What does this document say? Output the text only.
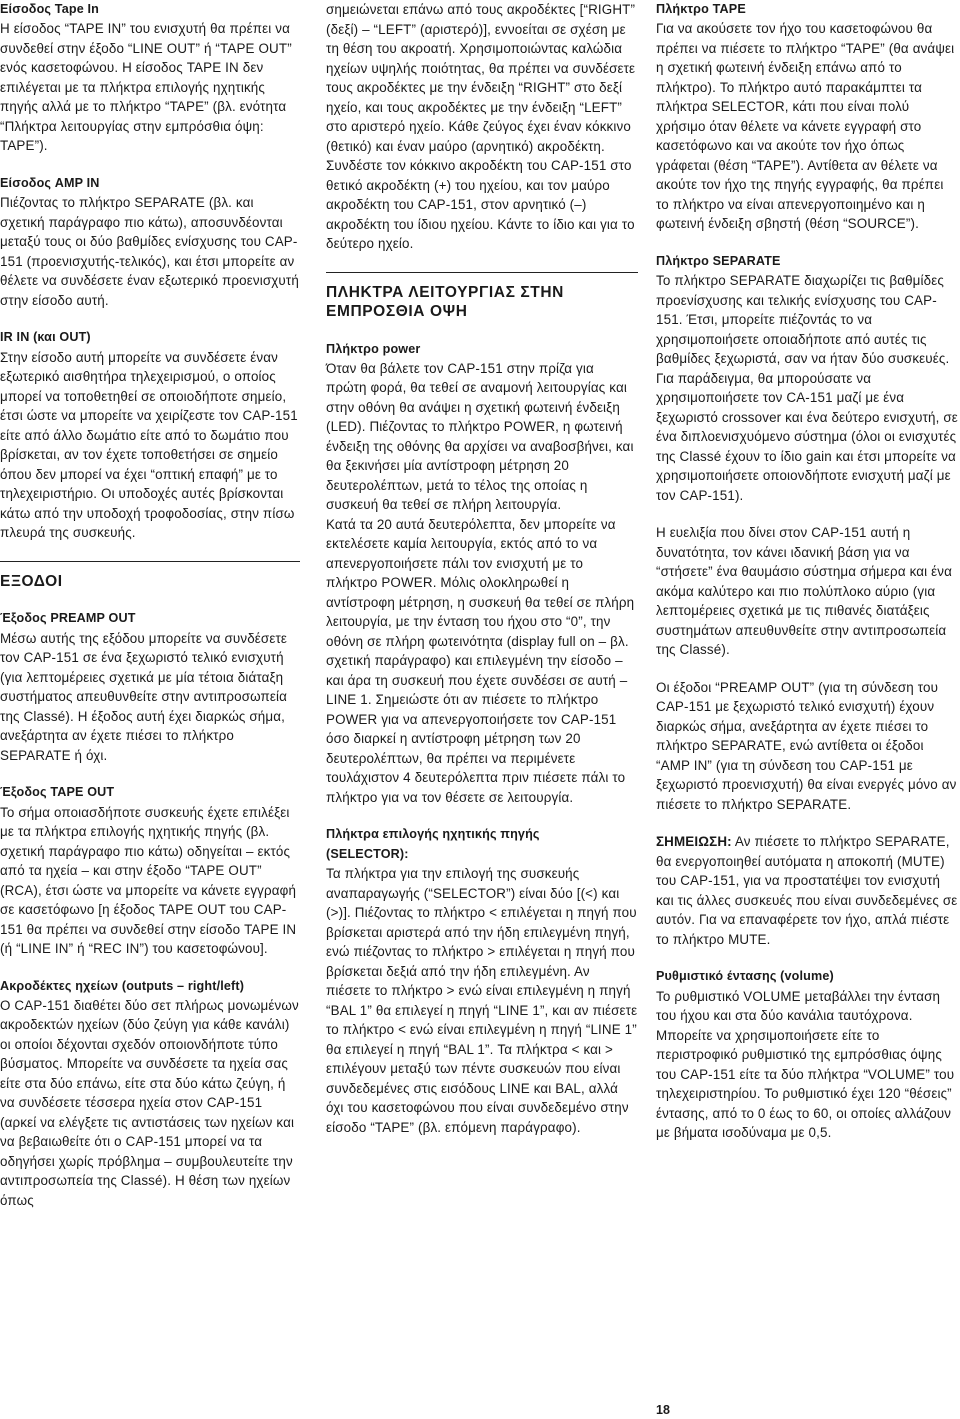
Είσοδος Tape In

Η είσοδος “TAPE IN” του ενισχυτή θα πρέπει να συνδεθεί στην έξοδο “LINE OUT” ή “TAPE OUT” ενός κασετοφώνου. Η είσοδος TAPE IN δεν επιλέγεται με τα πλήκτρα επιλογής ηχητικής πηγής αλλά με το πλήκτρο “TAPE” (βλ. ενότητα “Πλήκτρα λειτουργίας στην εμπρόσθια όψη: TAPE”).

Είσοδος AMP IN

Πιέζοντας το πλήκτρο SEPARATE (βλ. και σχετική παράγραφο πιο κάτω), αποσυνδέονται μεταξύ τους οι δύο βαθμίδες ενίσχυσης του CAP-151 (προενισχυτής-τελικός), και έτσι μπορείτε αν θέλετε να συνδέσετε έναν εξωτερικό προενισχυτή στην είσοδο αυτή.

IR IN (και OUT)

Στην είσοδο αυτή μπορείτε να συνδέσετε έναν εξωτερικό αισθητήρα τηλεχειρισμού, ο οποίος μπορεί να τοποθετηθεί σε οποιοδήποτε σημείο, έτσι ώστε να μπορείτε να χειρίζεστε τον CAP-151 είτε από άλλο δωμάτιο είτε από το δωμάτιο που βρίσκεται, αν τον έχετε τοποθετήσει σε σημείο όπου δεν μπορεί να έχει “οπτική επαφή” με το τηλεχειριστήριο. Οι υποδοχές αυτές βρίσκονται κάτω από την υποδοχή τροφοδοσίας, στην πίσω πλευρά της συσκευής.

ΕΞΟΔΟΙ
Έξοδος PREAMP OUT

Μέσω αυτής της εξόδου μπορείτε να συνδέσετε τον CAP-151 σε ένα ξεχωριστό τελικό ενισχυτή (για λεπτομέρειες σχετικά με μία τέτοια διάταξη συστήματος απευθυνθείτε στην αντιπροσωπεία της Classé). Η έξοδος αυτή έχει διαρκώς σήμα, ανεξάρτητα αν έχετε πιέσει το πλήκτρο SEPARATE ή όχι.

Έξοδος TAPE OUT

Το σήμα οποιασδήποτε συσκευής έχετε επιλέξει με τα πλήκτρα επιλογής ηχητικής πηγής (βλ. σχετική παράγραφο πιο κάτω) οδηγείται – εκτός από τα ηχεία – και στην έξοδο “TAPE OUT” (RCA), έτσι ώστε να μπορείτε να κάνετε εγγραφή σε κασετόφωνο [η έξοδος TAPE OUT του CAP-151 θα πρέπει να συνδεθεί στην είσοδο TAPE IN (ή “LINE IN” ή “REC IN”) του κασετοφώνου].

Ακροδέκτες ηχείων (outputs – right/left)

Ο CAP-151 διαθέτει δύο σετ πλήρως μονωμένων ακροδεκτών ηχείων (δύο ζεύγη για κάθε κανάλι) οι οποίοι δέχονται σχεδόν οποιονδήποτε τύπο βύσματος. Μπορείτε να συνδέσετε τα ηχεία σας είτε στα δύο επάνω, είτε στα δύο κάτω ζεύγη, ή να συνδέσετε τέσσερα ηχεία στον CAP-151 (αρκεί να ελέγξετε τις αντιστάσεις των ηχείων και να βεβαιωθείτε ότι ο CAP-151 μπορεί να τα οδηγήσει χωρίς πρόβλημα – συμβουλευτείτε την αντιπροσωπεία της Classé). Η θέση των ηχείων όπως

σημειώνεται επάνω από τους ακροδέκτες [“RIGHT” (δεξί) – “LEFT” (αριστερό)], εννοείται σε σχέση με τη θέση του ακροατή. Χρησιμοποιώντας καλώδια ηχείων υψηλής ποιότητας, θα πρέπει να συνδέσετε τους ακροδέκτες με την ένδειξη “RIGHT” στο δεξί ηχείο, και τους ακροδέκτες με την ένδειξη “LEFT” στο αριστερό ηχείο. Κάθε ζεύγος έχει έναν κόκκινο (θετικό) και έναν μαύρο (αρνητικό) ακροδέκτη. Συνδέστε τον κόκκινο ακροδέκτη του CAP-151 στο θετικό ακροδέκτη (+) του ηχείου, και τον μαύρο ακροδέκτη του CAP-151, στον αρνητικό (–) ακροδέκτη του ίδιου ηχείου. Κάντε το ίδιο και για το δεύτερο ηχείο.

ΠΛΗΚΤΡΑ ΛΕΙΤΟΥΡΓΙΑΣ ΣΤΗΝ ΕΜΠΡΟΣΘΙΑ ΟΨΗ
Πλήκτρο power

Όταν θα βάλετε τον CAP-151 στην πρίζα για πρώτη φορά, θα τεθεί σε αναμονή λειτουργίας και στην οθόνη θα ανάψει η σχετική φωτεινή ένδειξη (LED). Πιέζοντας το πλήκτρο POWER, η φωτεινή ένδειξη της οθόνης θα αρχίσει να αναβοσβήνει, και θα ξεκινήσει μία αντίστροφη μέτρηση 20 δευτερολέπτων, μετά το τέλος της οποίας η συσκευή θα τεθεί σε πλήρη λειτουργία.

Κατά τα 20 αυτά δευτερόλεπτα, δεν μπορείτε να εκτελέσετε καμία λειτουργία, εκτός από το να απενεργοποιήσετε πάλι τον ενισχυτή με το πλήκτρο POWER. Μόλις ολοκληρωθεί η αντίστροφη μέτρηση, η συσκευή θα τεθεί σε πλήρη λειτουργία, με την ένταση του ήχου στο “0”, την οθόνη σε πλήρη φωτεινότητα (display full on – βλ. σχετική παράγραφο) και επιλεγμένη την είσοδο – και άρα τη συσκευή που έχετε συνδέσει σε αυτή – LINE 1. Σημειώστε ότι αν πιέσετε το πλήκτρο POWER για να απενεργοποιήσετε τον CAP-151 όσο διαρκεί η αντίστροφη μέτρηση των 20 δευτερολέπτων, θα πρέπει να περιμένετε τουλάχιστον 4 δευτερόλεπτα πριν πιέσετε πάλι το πλήκτρο για να τον θέσετε σε λειτουργία.

Πλήκτρα επιλογής ηχητικής πηγής
(SELECTOR):

Τα πλήκτρα για την επιλογή της συσκευής αναπαραγωγής (“SELECTOR”) είναι δύο [(<) και (>)]. Πιέζοντας το πλήκτρο < επιλέγεται η πηγή που βρίσκεται αριστερά από την ήδη επιλεγμένη πηγή, ενώ πιέζοντας το πλήκτρο > επιλέγεται η πηγή που βρίσκεται δεξιά από την ήδη επιλεγμένη. Αν πιέσετε το πλήκτρο > ενώ είναι επιλεγμένη η πηγή “BAL 1” θα επιλεγεί η πηγή “LINE 1”, και αν πιέσετε το πλήκτρο < ενώ είναι επιλεγμένη η πηγή “LINE 1” θα επιλεγεί η πηγή “BAL 1”. Τα πλήκτρα < και > επιλέγουν μεταξύ των πέντε συσκευών που είναι συνδεδεμένες στις εισόδους LINE και BAL, αλλά όχι του κασετοφώνου που είναι συνδεδεμένο στην είσοδο “TAPE” (βλ. επόμενη παράγραφο).

Πλήκτρο TAPE

Για να ακούσετε τον ήχο του κασετοφώνου θα πρέπει να πιέσετε το πλήκτρο “TAPE” (θα ανάψει η σχετική φωτεινή ένδειξη επάνω από το πλήκτρο). Το πλήκτρο αυτό παρακάμπτει τα πλήκτρα SELECTOR, κάτι που είναι πολύ χρήσιμο όταν θέλετε να κάνετε εγγραφή στο κασετόφωνο και να ακούτε τον ήχο όπως γράφεται (θέση “TAPE”). Αντίθετα αν θέλετε να ακούτε τον ήχο της πηγής εγγραφής, θα πρέπει το πλήκτρο να είναι απενεργοποιημένο και η φωτεινή ένδειξη σβηστή (θέση “SOURCE”).

Πλήκτρο SEPARATE

Το πλήκτρο SEPARATE διαχωρίζει τις βαθμίδες προενίσχυσης και τελικής ενίσχυσης του CAP-151. Έτσι, μπορείτε πιέζοντάς το να χρησιμοποιήσετε οποιαδήποτε από αυτές τις βαθμίδες ξεχωριστά, σαν να ήταν δύο συσκευές. Για παράδειγμα, θα μπορούσατε να χρησιμοποιήσετε τον CA-151 μαζί με ένα ξεχωριστό crossover και ένα δεύτερο ενισχυτή, σε ένα διπλοενισχυόμενο σύστημα (όλοι οι ενισχυτές της Classé έχουν το ίδιο gain και έτσι μπορείτε να χρησιμοποιήσετε οποιονδήποτε ενισχυτή μαζί με τον CAP-151).

Η ευελιξία που δίνει στον CAP-151 αυτή η δυνατότητα, τον κάνει ιδανική βάση για να “στήσετε” ένα θαυμάσιο σύστημα σήμερα και ένα ακόμα καλύτερο και πιο πολύπλοκο αύριο (για λεπτομέρειες σχετικά με τις πιθανές διατάξεις συστημάτων απευθυνθείτε στην αντιπροσωπεία της Classé).

Οι έξοδοι “PREAMP OUT” (για τη σύνδεση του CAP-151 με ξεχωριστό τελικό ενισχυτή) έχουν διαρκώς σήμα, ανεξάρτητα αν έχετε πιέσει το πλήκτρο SEPARATE, ενώ αντίθετα οι έξοδοι “AMP IN” (για τη σύνδεση του CAP-151 με ξεχωριστό προενισχυτή) θα είναι ενεργές μόνο αν πιέσετε το πλήκτρο SEPARATE.

ΣΗΜΕΙΩΣΗ: Αν πιέσετε το πλήκτρο SEPARATE, θα ενεργοποιηθεί αυτόματα η αποκοπή (MUTE) του CAP-151, για να προστατέψει τον ενισχυτή και τις άλλες συσκευές που είναι συνδεδεμένες σε αυτόν. Για να επαναφέρετε τον ήχο, απλά πιέστε το πλήκτρο MUTE.

Ρυθμιστικό έντασης (volume)

Το ρυθμιστικό VOLUME μεταβάλλει την ένταση του ήχου και στα δύο κανάλια ταυτόχρονα. Μπορείτε να χρησιμοποιήσετε είτε το περιστροφικό ρυθμιστικό της εμπρόσθιας όψης του CAP-151 είτε τα δύο πλήκτρα “VOLUME” του τηλεχειριστηρίου. Το ρυθμιστικό έχει 120 “θέσεις” έντασης, από το 0 έως το 60, οι οποίες αλλάζουν με βήματα ισοδύναμα με 0,5.

18
